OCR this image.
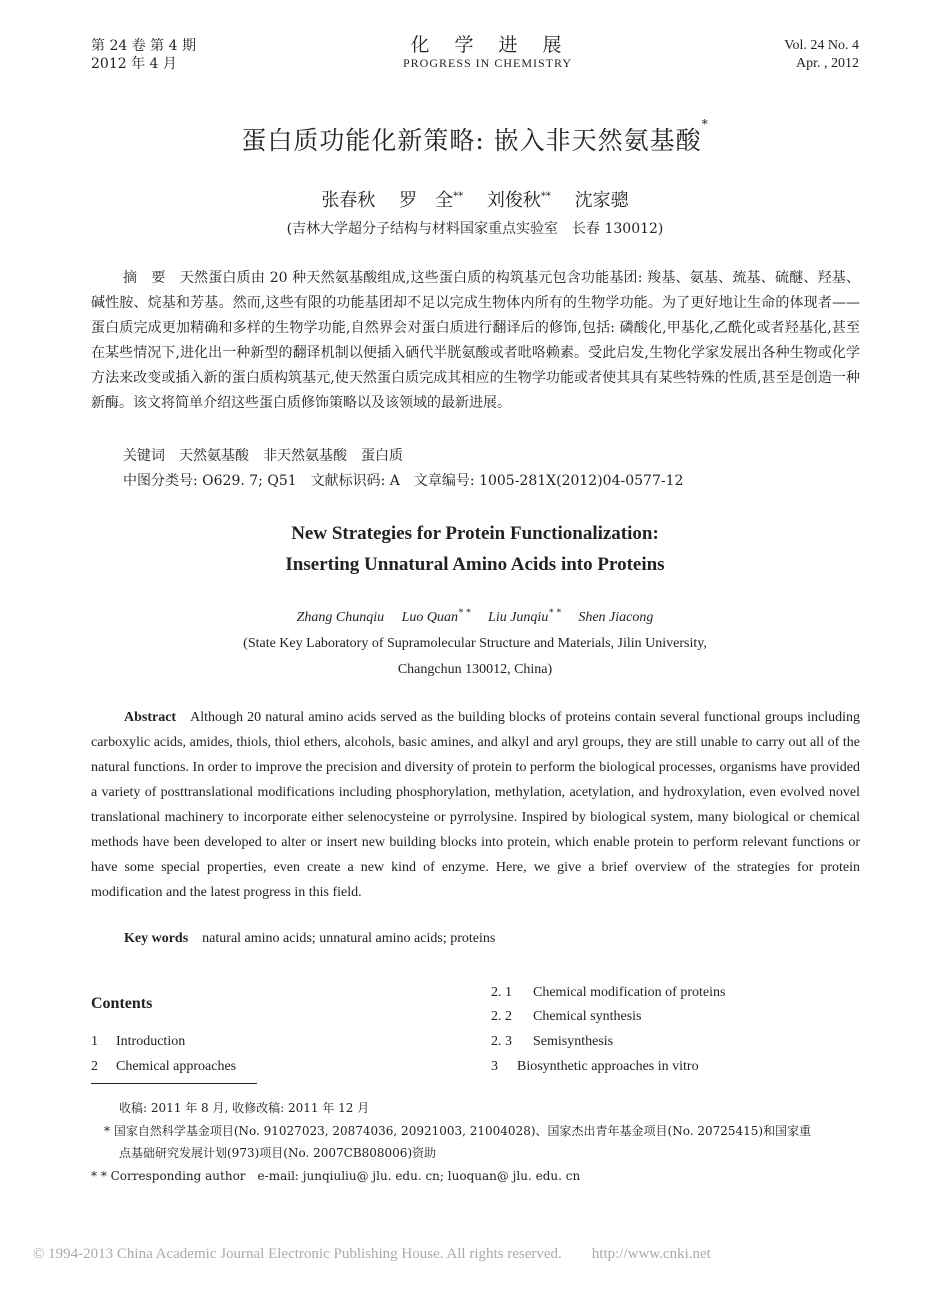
第 24 卷 第 4 期
2012 年 4 月
化　学　进　展
PROGRESS IN CHEMISTRY
Vol. 24 No. 4
Apr. , 2012
蛋白质功能化新策略: 嵌入非天然氨基酸*
张春秋　 罗　全**　 刘俊秋**　 沈家骢
(吉林大学超分子结构与材料国家重点实验室　长春 130012)

摘　要　天然蛋白质由 20 种天然氨基酸组成,这些蛋白质的构筑基元包含功能基团: 羧基、氨基、巯基、硫醚、羟基、碱性胺、烷基和芳基。然而,这些有限的功能基团却不足以完成生物体内所有的生物学功能。为了更好地让生命的体现者——蛋白质完成更加精确和多样的生物学功能,自然界会对蛋白质进行翻译后的修饰,包括: 磷酸化,甲基化,乙酰化或者羟基化,甚至在某些情况下,进化出一种新型的翻译机制以便插入硒代半胱氨酸或者吡咯赖素。受此启发,生物化学家发展出各种生物或化学方法来改变或插入新的蛋白质构筑基元,使天然蛋白质完成其相应的生物学功能或者使其具有某些特殊的性质,甚至是创造一种新酶。该文将简单介绍这些蛋白质修饰策略以及该领域的最新进展。

关键词　天然氨基酸　非天然氨基酸　蛋白质
中图分类号: O629. 7; Q51　文献标识码: A　文章编号: 1005-281X(2012)04-0577-12
New Strategies for Protein Functionalization:
Inserting Unnatural Amino Acids into Proteins
Zhang Chunqiu　 Luo Quan* *　 Liu Junqiu* *　 Shen Jiacong
(State Key Laboratory of Supramolecular Structure and Materials, Jilin University,
Changchun 130012, China)

Abstract Although 20 natural amino acids served as the building blocks of proteins contain several functional groups including carboxylic acids, amides, thiols, thiol ethers, alcohols, basic amines, and alkyl and aryl groups, they are still unable to carry out all of the natural functions. In order to improve the precision and diversity of protein to perform the biological processes, organisms have provided a variety of posttranslational modifications including phosphorylation, methylation, acetylation, and hydroxylation, even evolved novel translational machinery to incorporate either selenocysteine or pyrrolysine. Inspired by biological system, many biological or chemical methods have been developed to alter or insert new building blocks into protein, which enable protein to perform relevant functions or have some special properties, even create a new kind of enzyme. Here, we give a brief overview of the strategies for protein modification and the latest progress in this field.

Key words natural amino acids; unnatural amino acids; proteins
Contents
1 Introduction
2 Chemical approaches
2. 1 Chemical modification of proteins
2. 2 Chemical synthesis
2. 3 Semisynthesis
3 Biosynthetic approaches in vitro
收稿: 2011 年 8 月, 收修改稿: 2011 年 12 月
* 国家自然科学基金项目(No. 91027023, 20874036, 20921003, 21004028)、国家杰出青年基金项目(No. 20725415)和国家重
点基础研究发展计划(973)项目(No. 2007CB808006)资助
* * Corresponding author　e-mail: junqiuliu@ jlu. edu. cn; luoquan@ jlu. edu. cn
© 1994-2013 China Academic Journal Electronic Publishing House. All rights reserved.　　http://www.cnki.net
